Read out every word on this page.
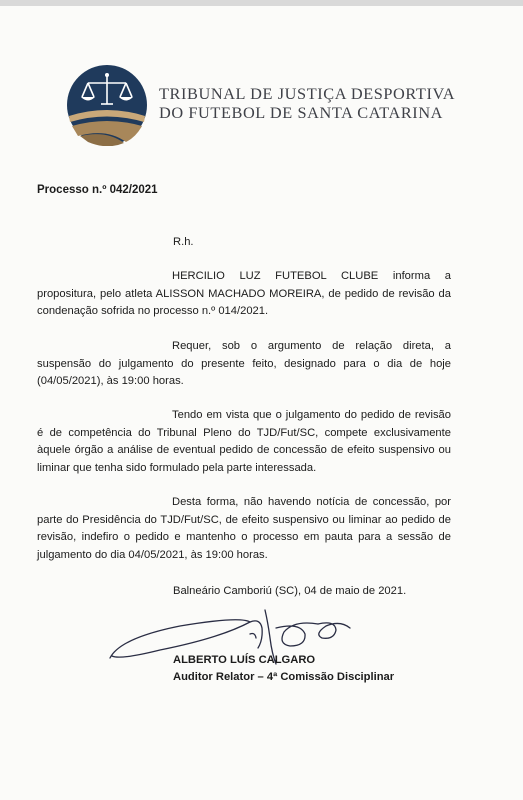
TRIBUNAL DE JUSTIÇA DESPORTIVA
DO FUTEBOL DE SANTA CATARINA
Processo n.º 042/2021
R.h.
HERCILIO LUZ FUTEBOL CLUBE informa a propositura, pelo atleta ALISSON MACHADO MOREIRA, de pedido de revisão da condenação sofrida no processo n.º 014/2021.
Requer, sob o argumento de relação direta, a suspensão do julgamento do presente feito, designado para o dia de hoje (04/05/2021), às 19:00 horas.
Tendo em vista que o julgamento do pedido de revisão é de competência do Tribunal Pleno do TJD/Fut/SC, compete exclusivamente àquele órgão a análise de eventual pedido de concessão de efeito suspensivo ou liminar que tenha sido formulado pela parte interessada.
Desta forma, não havendo notícia de concessão, por parte do Presidência do TJD/Fut/SC, de efeito suspensivo ou liminar ao pedido de revisão, indefiro o pedido e mantenho o processo em pauta para a sessão de julgamento do dia 04/05/2021, às 19:00 horas.
Balneário Camboriú (SC), 04 de maio de 2021.
ALBERTO LUÍS CALGARO
Auditor Relator – 4ª Comissão Disciplinar
